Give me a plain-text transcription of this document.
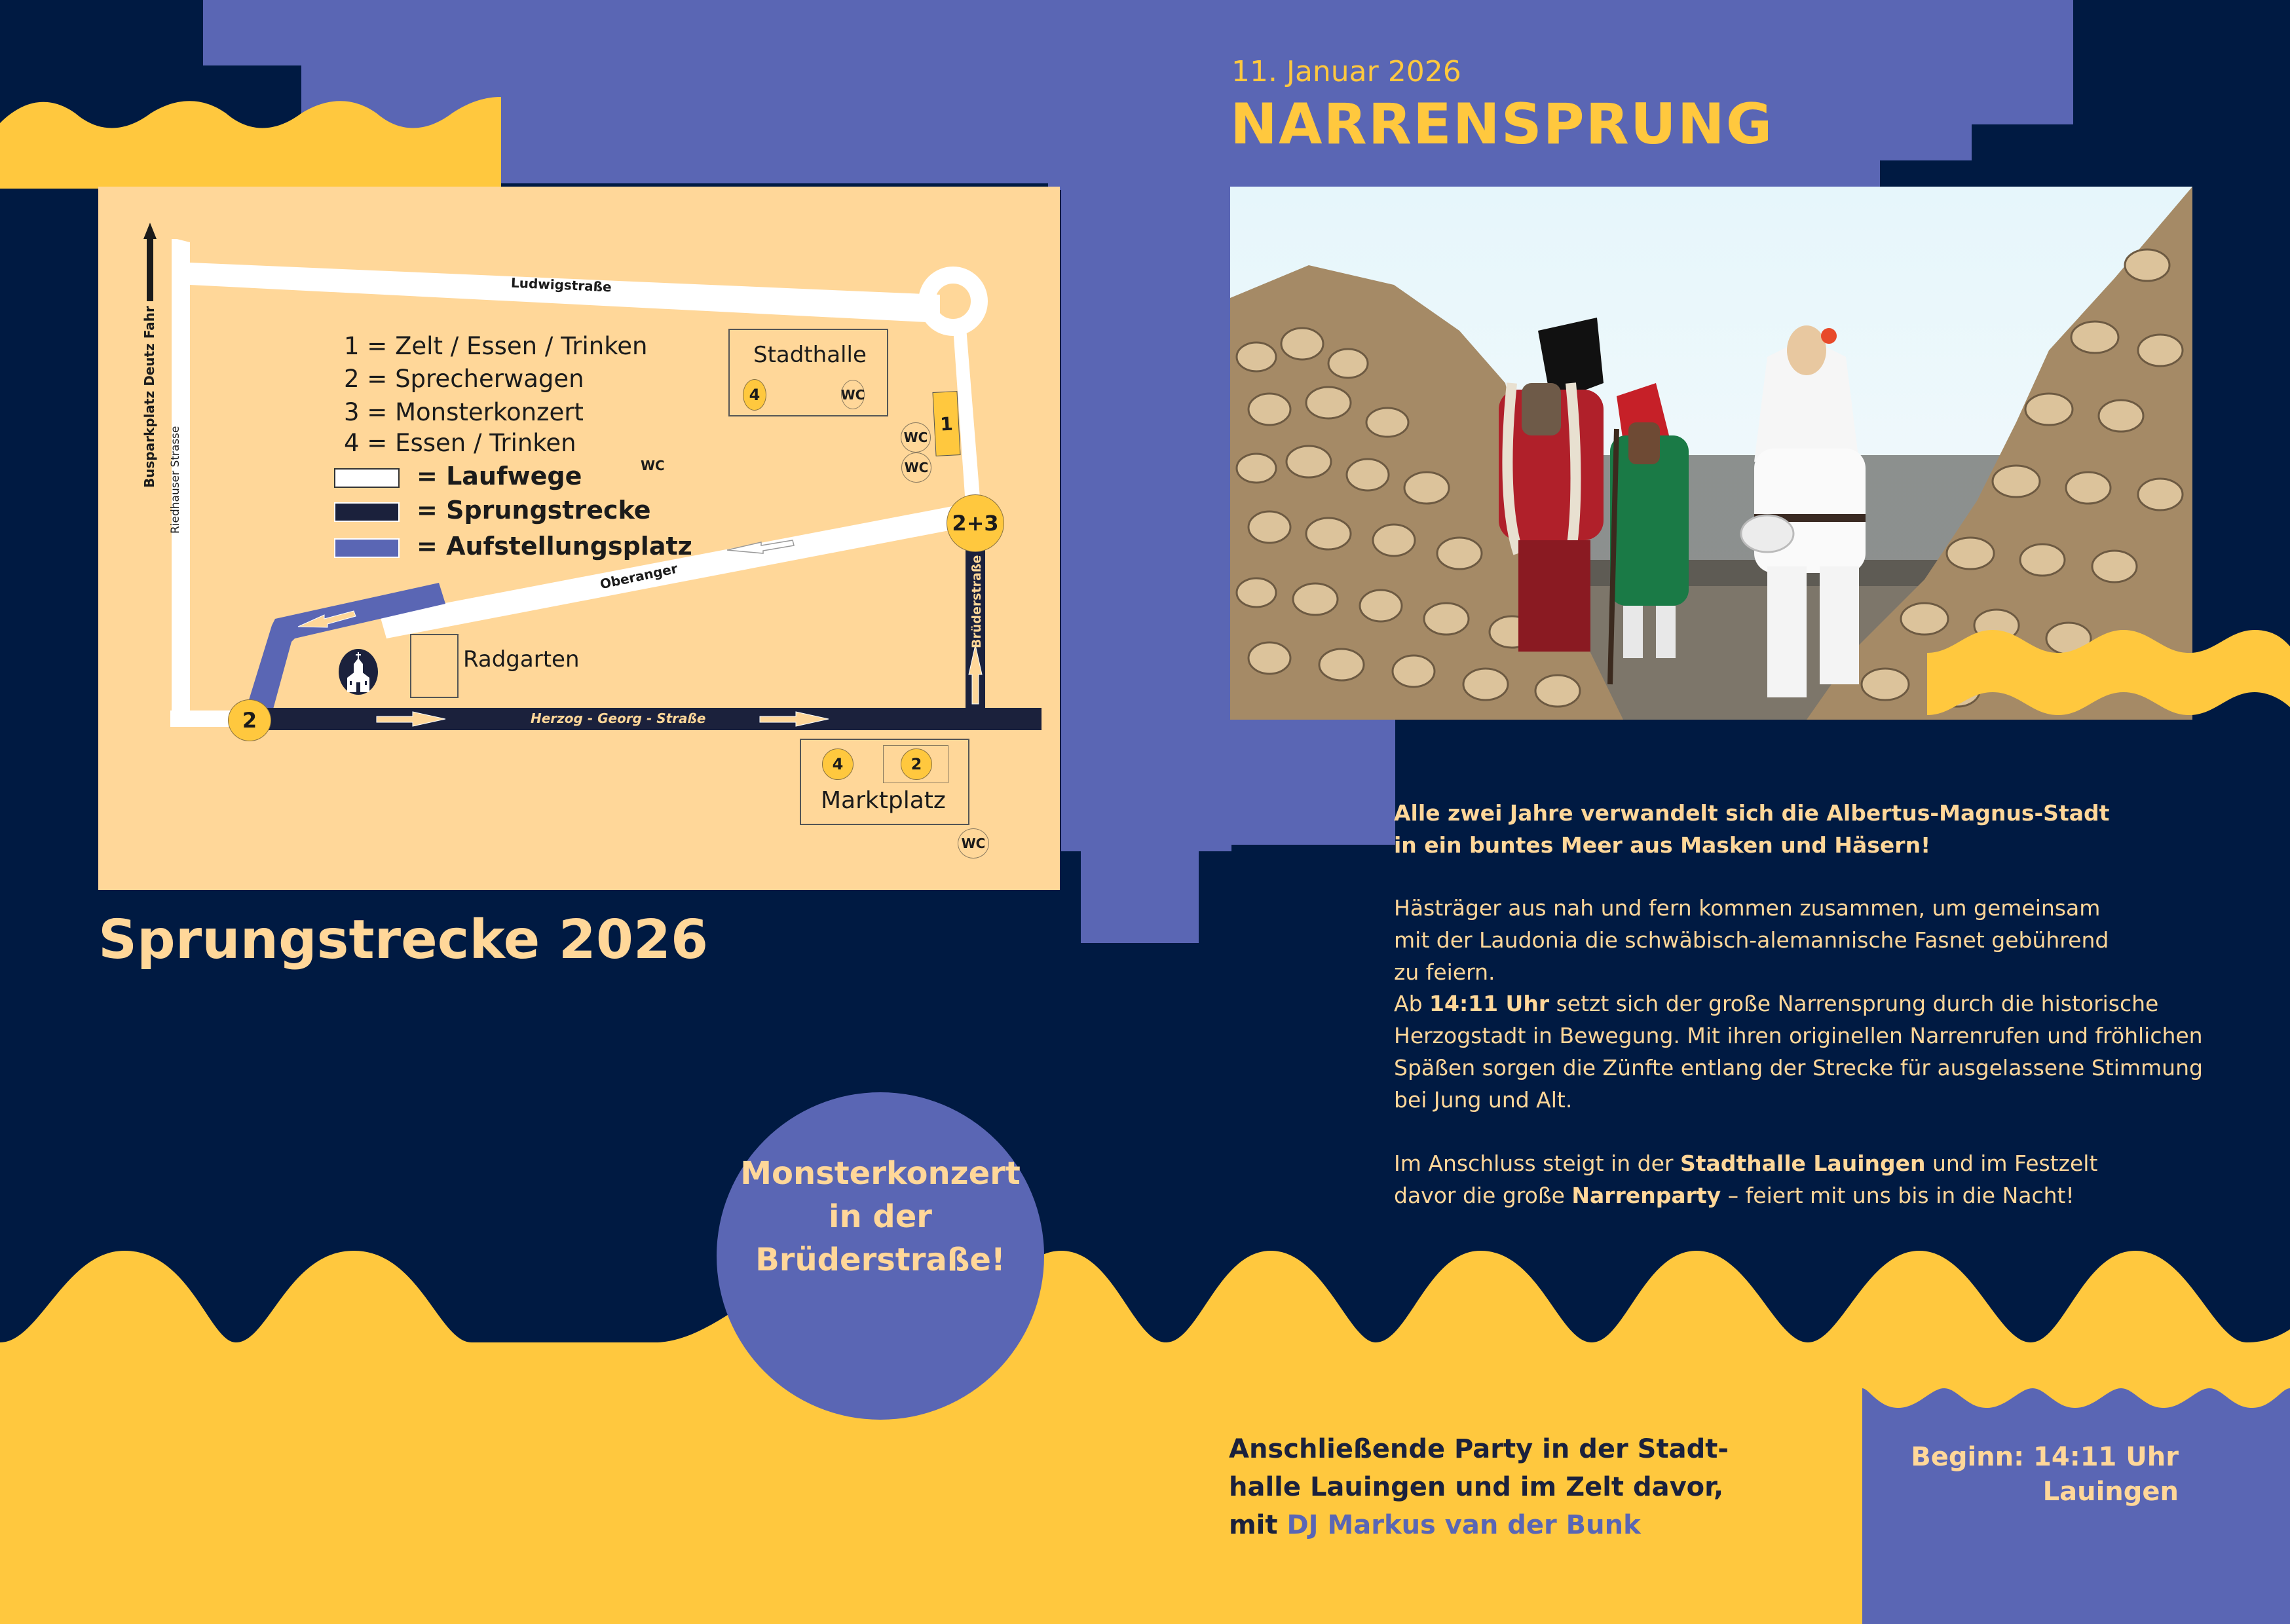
Ludwigstraße
Oberanger
Herzog - Georg - Straße
Brüderstraße
Riedhauser Strasse
Busparkplatz Deutz Fahr	1 = Zelt / Essen / Trinken
2 = Sprecherwagen
3 = Monsterkonzert
4 = Essen / Trinken
= Laufwege
= Sprungstrecke
= Aufstellungsplatz
Stadthalle
4	WC
1
WC
WC
WC
2+3
2
Radgarten
4	2
Marktplatz
WC
Sprungstrecke 2026
11. Januar 2026
NARRENSPRUNG
Alle zwei Jahre verwandelt sich die Albertus-Magnus-Stadt in ein buntes Meer aus Masken und Häsern!
Hästräger aus nah und fern kommen zusammen, um gemeinsam mit der Laudonia die schwäbisch-alemannische Fasnet gebührend zu feiern.
Ab 14:11 Uhr setzt sich der große Narrensprung durch die historische Herzogstadt in Bewegung. Mit ihren originellen Narrenrufen und fröhlichen Späßen sorgen die Zünfte entlang der Strecke für ausgelassene Stimmung bei Jung und Alt.
Im Anschluss steigt in der Stadthalle Lauingen und im Festzelt davor die große Narrenparty – feiert mit uns bis in die Nacht!
Monsterkonzert
in der
Brüderstraße!
Anschließende Party in der Stadt-
halle Lauingen und im Zelt davor,
mit DJ Markus van der Bunk
Beginn: 14:11 Uhr
Lauingen
